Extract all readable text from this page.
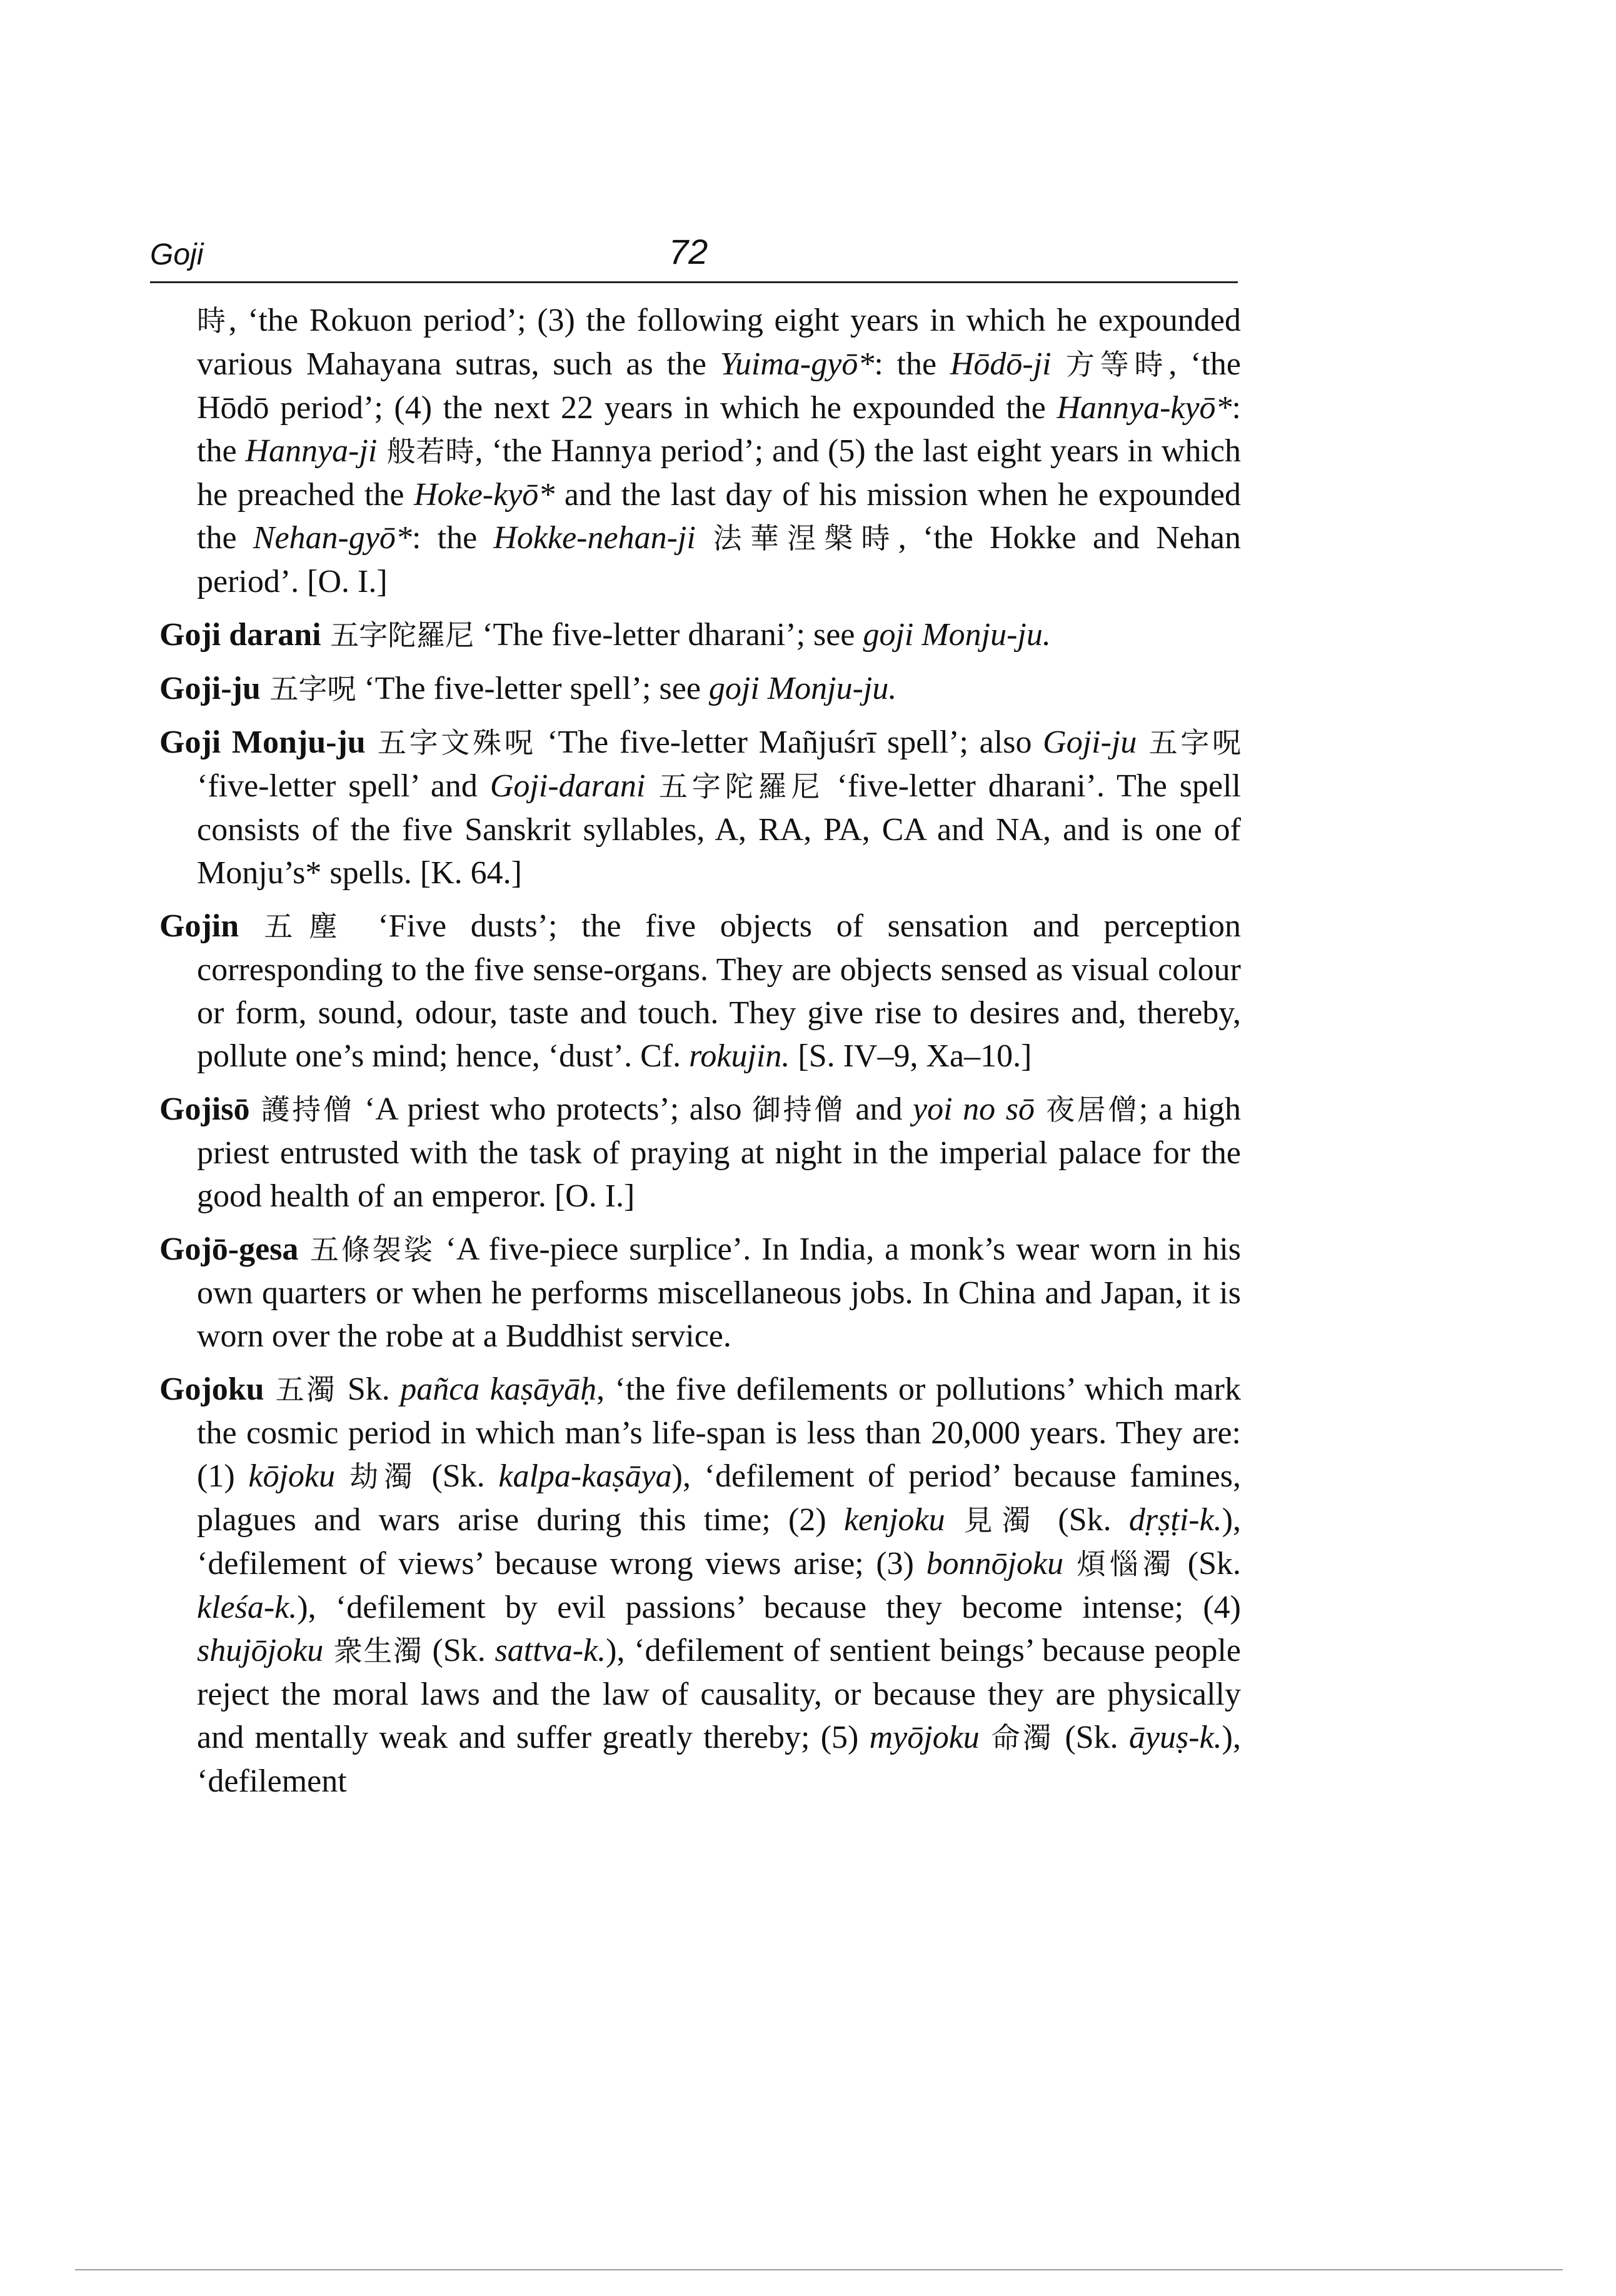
Goji	72

時, ‘the Rokuon period’; (3) the following eight years in which he expounded various Mahayana sutras, such as the Yuima-gyō*: the Hōdō-ji 方等時, ‘the Hōdō period’; (4) the next 22 years in which he expounded the Hannya-kyō*: the Hannya-ji 般若時, ‘the Hannya period’; and (5) the last eight years in which he preached the Hoke-kyō* and the last day of his mission when he expounded the Nehan-gyō*: the Hokke-nehan-ji 法華涅槃時, ‘the Hokke and Nehan period’. [O. I.]

Goji darani 五字陀羅尼 ‘The five-letter dharani’; see goji Monju-ju.

Goji-ju 五字呪 ‘The five-letter spell’; see goji Monju-ju.

Goji Monju-ju 五字文殊呪 ‘The five-letter Mañjuśrī spell’; also Goji-ju 五字呪 ‘five-letter spell’ and Goji-darani 五字陀羅尼 ‘five-letter dharani’. The spell consists of the five Sanskrit syllables, A, RA, PA, CA and NA, and is one of Monju’s* spells. [K. 64.]

Gojin 五塵 ‘Five dusts’; the five objects of sensation and perception corresponding to the five sense-organs. They are objects sensed as visual colour or form, sound, odour, taste and touch. They give rise to desires and, thereby, pollute one’s mind; hence, ‘dust’. Cf. rokujin. [S. IV–9, Xa–10.]

Gojisō 護持僧 ‘A priest who protects’; also 御持僧 and yoi no sō 夜居僧; a high priest entrusted with the task of praying at night in the imperial palace for the good health of an emperor. [O. I.]

Gojō-gesa 五條袈裟 ‘A five-piece surplice’. In India, a monk’s wear worn in his own quarters or when he performs miscellaneous jobs. In China and Japan, it is worn over the robe at a Buddhist service.

Gojoku 五濁 Sk. pañca kaṣāyāḥ, ‘the five defilements or pollutions’ which mark the cosmic period in which man’s life-span is less than 20,000 years. They are: (1) kōjoku 劫濁 (Sk. kalpa-kaṣāya), ‘defilement of period’ because famines, plagues and wars arise during this time; (2) kenjoku 見濁 (Sk. dṛṣṭi-k.), ‘defilement of views’ because wrong views arise; (3) bonnōjoku 煩惱濁 (Sk. kleśa-k.), ‘defilement by evil passions’ because they become intense; (4) shujōjoku 衆生濁 (Sk. sattva-k.), ‘defilement of sentient beings’ because people reject the moral laws and the law of causality, or because they are physically and mentally weak and suffer greatly thereby; (5) myōjoku 命濁 (Sk. āyuṣ-k.), ‘defilement
